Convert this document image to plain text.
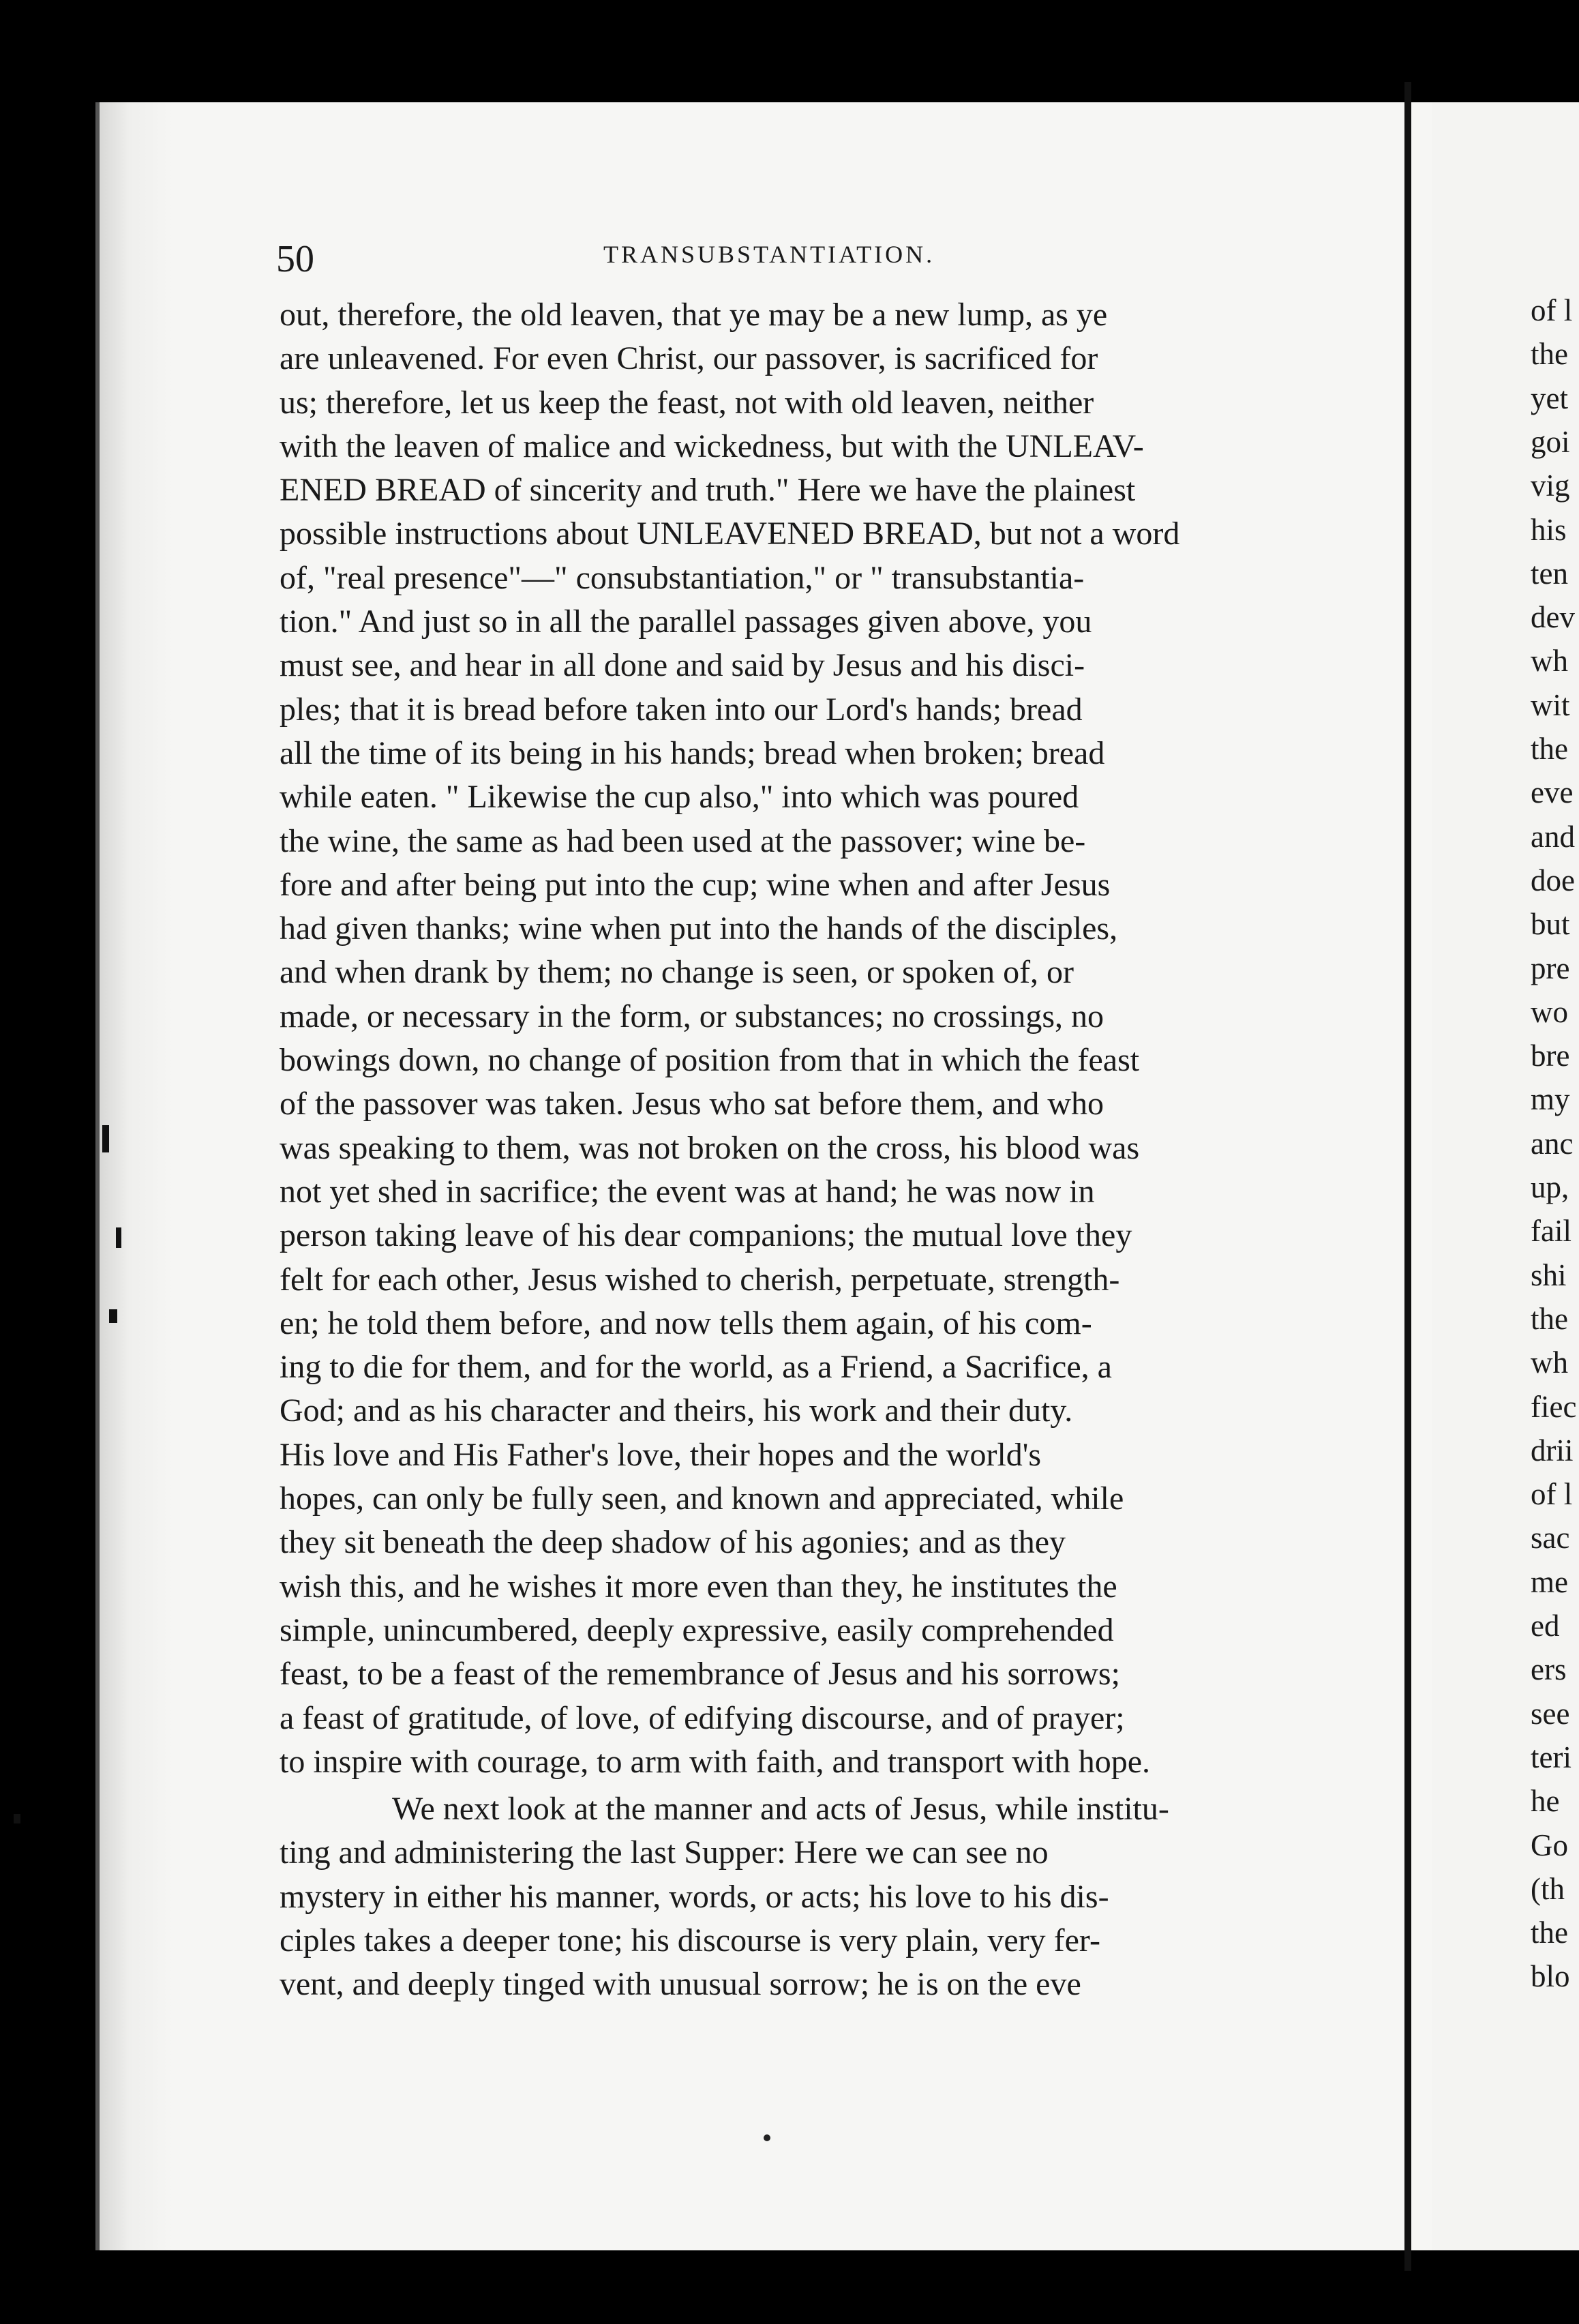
50	TRANSUBSTANTIATION.
out, therefore, the old leaven, that ye may be a new lump, as ye
are unleavened. For even Christ, our passover, is sacrificed for
us; therefore, let us keep the feast, not with old leaven, neither
with the leaven of malice and wickedness, but with the UNLEAV-
ENED BREAD of sincerity and truth." Here we have the plainest
possible instructions about UNLEAVENED BREAD, but not a word
of, "real presence"—" consubstantiation," or " transubstantia-
tion." And just so in all the parallel passages given above, you
must see, and hear in all done and said by Jesus and his disci-
ples; that it is bread before taken into our Lord's hands; bread
all the time of its being in his hands; bread when broken; bread
while eaten. " Likewise the cup also," into which was poured
the wine, the same as had been used at the passover; wine be-
fore and after being put into the cup; wine when and after Jesus
had given thanks; wine when put into the hands of the disciples,
and when drank by them; no change is seen, or spoken of, or
made, or necessary in the form, or substances; no crossings, no
bowings down, no change of position from that in which the feast
of the passover was taken. Jesus who sat before them, and who
was speaking to them, was not broken on the cross, his blood was
not yet shed in sacrifice; the event was at hand; he was now in
person taking leave of his dear companions; the mutual love they
felt for each other, Jesus wished to cherish, perpetuate, strength-
en; he told them before, and now tells them again, of his com-
ing to die for them, and for the world, as a Friend, a Sacrifice, a
God; and as his character and theirs, his work and their duty.
His love and His Father's love, their hopes and the world's
hopes, can only be fully seen, and known and appreciated, while
they sit beneath the deep shadow of his agonies; and as they
wish this, and he wishes it more even than they, he institutes the
simple, unincumbered, deeply expressive, easily comprehended
feast, to be a feast of the remembrance of Jesus and his sorrows;
a feast of gratitude, of love, of edifying discourse, and of prayer;
to inspire with courage, to arm with faith, and transport with hope.
We next look at the manner and acts of Jesus, while institu-
ting and administering the last Supper: Here we can see no
mystery in either his manner, words, or acts; his love to his dis-
ciples takes a deeper tone; his discourse is very plain, very fer-
vent, and deeply tinged with unusual sorrow; he is on the eve
of l
the
yet
goi
vig
his
ten
dev
wh
wit
the
eve
and
doe
but
pre
wo
bre
my
anc
up,
fail
shi
the
wh
fiec
drii
of l
sac
me
ed
ers
see
teri
he
Go
(th
the
blo
